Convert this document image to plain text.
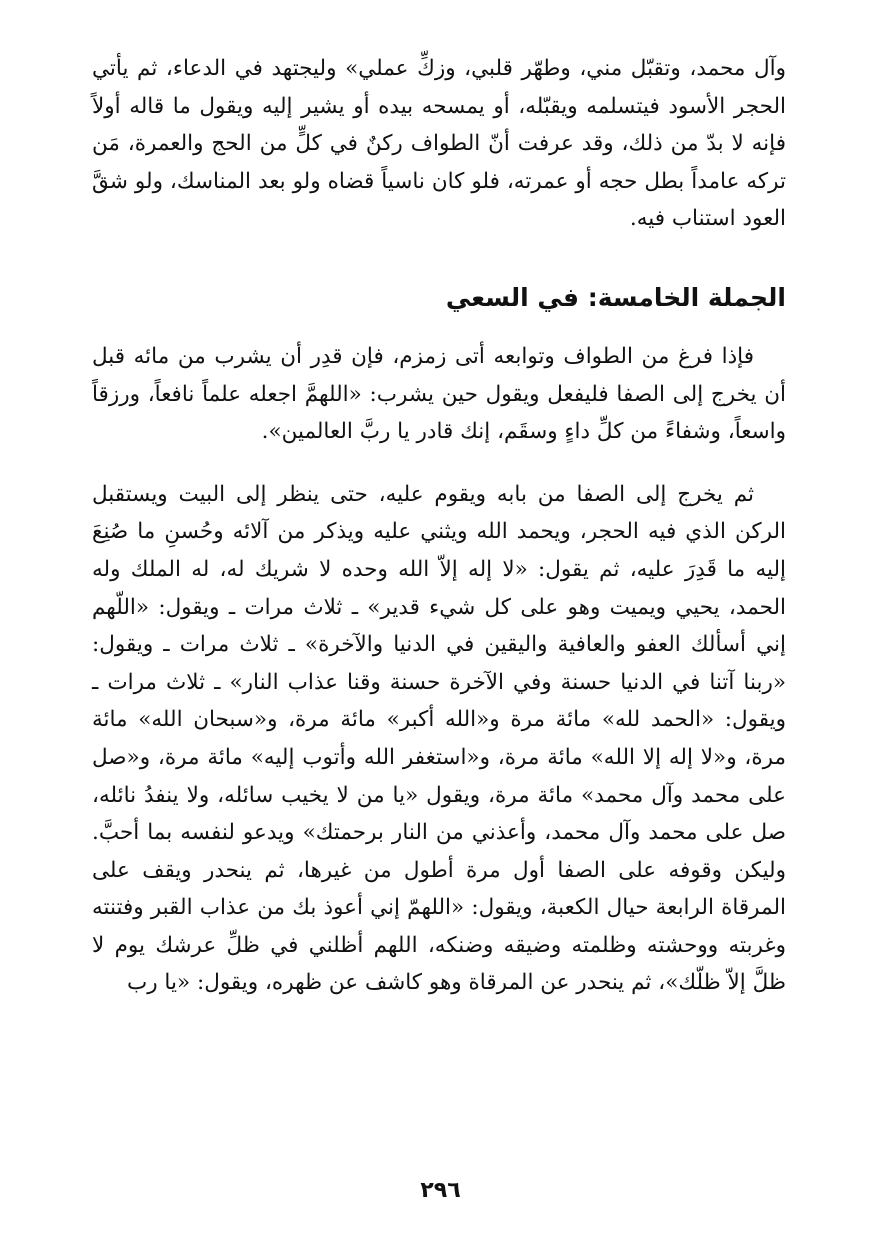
وآل محمد، وتقبّل مني، وطهّر قلبي، وزكِّ عملي» وليجتهد في الدعاء، ثم يأتي الحجر الأسود فيتسلمه ويقبّله، أو يمسحه بيده أو يشير إليه ويقول ما قاله أولاً فإنه لا بدّ من ذلك، وقد عرفت أنّ الطواف ركنٌ في كلٍّ من الحج والعمرة، مَن تركه عامداً بطل حجه أو عمرته، فلو كان ناسياً قضاه ولو بعد المناسك، ولو شقَّ العود استناب فيه.

الجملة الخامسة: في السعي

فإذا فرغ من الطواف وتوابعه أتى زمزم، فإن قدِر أن يشرب من مائه قبل أن يخرج إلى الصفا فليفعل ويقول حين يشرب: «اللهمَّ اجعله علماً نافعاً، ورزقاً واسعاً، وشفاءً من كلِّ داءٍ وسقَم، إنك قادر يا ربَّ العالمين».

ثم يخرج إلى الصفا من بابه ويقوم عليه، حتى ينظر إلى البيت ويستقبل الركن الذي فيه الحجر، ويحمد الله ويثني عليه ويذكر من آلائه وحُسنِ ما صُنِعَ إليه ما قَدِرَ عليه، ثم يقول: «لا إله إلاّ الله وحده لا شريك له، له الملك وله الحمد، يحيي ويميت وهو على كل شيء قدير» ـ ثلاث مرات ـ ويقول: «اللّهم إني أسألك العفو والعافية واليقين في الدنيا والآخرة» ـ ثلاث مرات ـ ويقول: «ربنا آتنا في الدنيا حسنة وفي الآخرة حسنة وقنا عذاب النار» ـ ثلاث مرات ـ ويقول: «الحمد لله» مائة مرة و«الله أكبر» مائة مرة، و«سبحان الله» مائة مرة، و«لا إله إلا الله» مائة مرة، و«استغفر الله وأتوب إليه» مائة مرة، و«صل على محمد وآل محمد» مائة مرة، ويقول «يا من لا يخيب سائله، ولا ينفدُ نائله، صل على محمد وآل محمد، وأعذني من النار برحمتك» ويدعو لنفسه بما أحبَّ. وليكن وقوفه على الصفا أول مرة أطول من غيرها، ثم ينحدر ويقف على المرقاة الرابعة حيال الكعبة، ويقول: «اللهمّ إني أعوذ بك من عذاب القبر وفتنته وغربته ووحشته وظلمته وضيقه وضنكه، اللهم أظلني في ظلِّ عرشك يوم لا ظلَّ إلاّ ظلّك»، ثم ينحدر عن المرقاة وهو كاشف عن ظهره، ويقول: «يا رب

٢٩٦
